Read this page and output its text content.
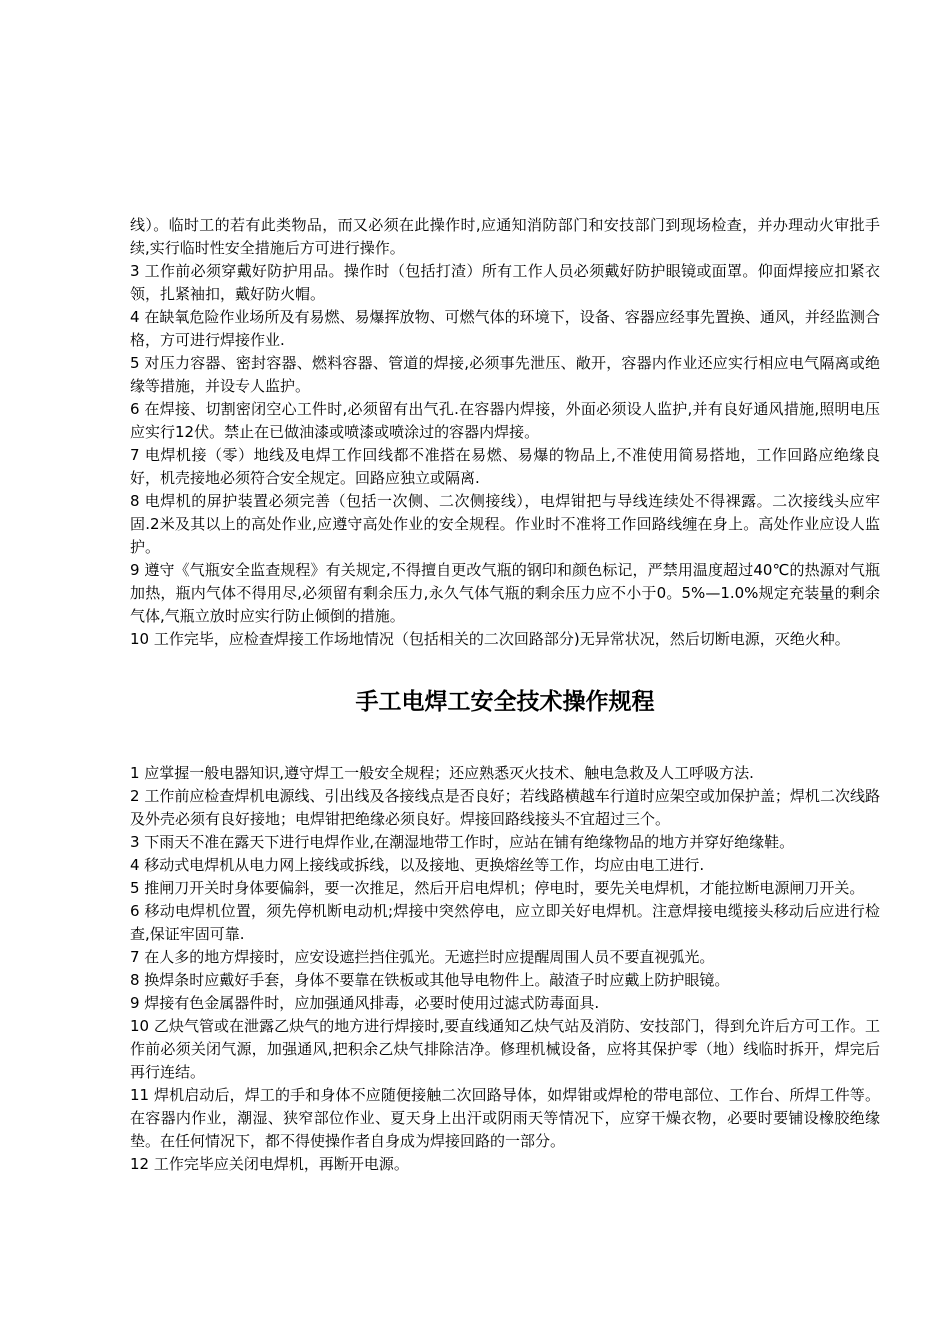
线）。临时工的若有此类物品，而又必须在此操作时,应通知消防部门和安技部门到现场检查，并办理动火审批手续,实行临时性安全措施后方可进行操作。

3 工作前必须穿戴好防护用品。操作时（包括打渣）所有工作人员必须戴好防护眼镜或面罩。仰面焊接应扣紧衣领，扎紧袖扣，戴好防火帽。

4 在缺氧危险作业场所及有易燃、易爆挥放物、可燃气体的环境下，设备、容器应经事先置换、通风，并经监测合格，方可进行焊接作业.

5 对压力容器、密封容器、燃料容器、管道的焊接,必须事先泄压、敞开，容器内作业还应实行相应电气隔离或绝缘等措施，并设专人监护。

6 在焊接、切割密闭空心工件时,必须留有出气孔.在容器内焊接，外面必须设人监护,并有良好通风措施,照明电压应实行12伏。禁止在已做油漆或喷漆或喷涂过的容器内焊接。

7 电焊机接（零）地线及电焊工作回线都不准搭在易燃、易爆的物品上,不准使用简易搭地，工作回路应绝缘良好，机壳接地必须符合安全规定。回路应独立或隔离.

8 电焊机的屏护装置必须完善（包括一次侧、二次侧接线），电焊钳把与导线连续处不得裸露。二次接线头应牢固.2米及其以上的高处作业,应遵守高处作业的安全规程。作业时不准将工作回路线缠在身上。高处作业应设人监护。

9 遵守《气瓶安全监查规程》有关规定,不得擅自更改气瓶的钢印和颜色标记，严禁用温度超过40℃的热源对气瓶加热，瓶内气体不得用尽,必须留有剩余压力,永久气体气瓶的剩余压力应不小于0。5%—1.0%规定充装量的剩余气体,气瓶立放时应实行防止倾倒的措施。

10 工作完毕，应检查焊接工作场地情况（包括相关的二次回路部分)无异常状况，然后切断电源，灭绝火种。

手工电焊工安全技术操作规程

1 应掌握一般电器知识,遵守焊工一般安全规程；还应熟悉灭火技术、触电急救及人工呼吸方法.

2 工作前应检查焊机电源线、引出线及各接线点是否良好；若线路横越车行道时应架空或加保护盖；焊机二次线路及外壳必须有良好接地；电焊钳把绝缘必须良好。焊接回路线接头不宜超过三个。

3 下雨天不准在露天下进行电焊作业,在潮湿地带工作时，应站在铺有绝缘物品的地方并穿好绝缘鞋。

4 移动式电焊机从电力网上接线或拆线，以及接地、更换熔丝等工作，均应由电工进行.

5 推闸刀开关时身体要偏斜，要一次推足，然后开启电焊机；停电时，要先关电焊机，才能拉断电源闸刀开关。

6 移动电焊机位置，须先停机断电动机;焊接中突然停电，应立即关好电焊机。注意焊接电缆接头移动后应进行检查,保证牢固可靠.

7 在人多的地方焊接时，应安设遮拦挡住弧光。无遮拦时应提醒周围人员不要直视弧光。

8 换焊条时应戴好手套，身体不要靠在铁板或其他导电物件上。敲渣子时应戴上防护眼镜。

9 焊接有色金属器件时，应加强通风排毒，必要时使用过滤式防毒面具.

10 乙炔气管或在泄露乙炔气的地方进行焊接时,要直线通知乙炔气站及消防、安技部门，得到允许后方可工作。工作前必须关闭气源，加强通风,把积余乙炔气排除洁净。修理机械设备，应将其保护零（地）线临时拆开，焊完后再行连结。

11 焊机启动后，焊工的手和身体不应随便接触二次回路导体，如焊钳或焊枪的带电部位、工作台、所焊工件等。在容器内作业，潮湿、狭窄部位作业、夏天身上出汗或阴雨天等情况下，应穿干燥衣物，必要时要铺设橡胶绝缘垫。在任何情况下，都不得使操作者自身成为焊接回路的一部分。

12 工作完毕应关闭电焊机，再断开电源。
